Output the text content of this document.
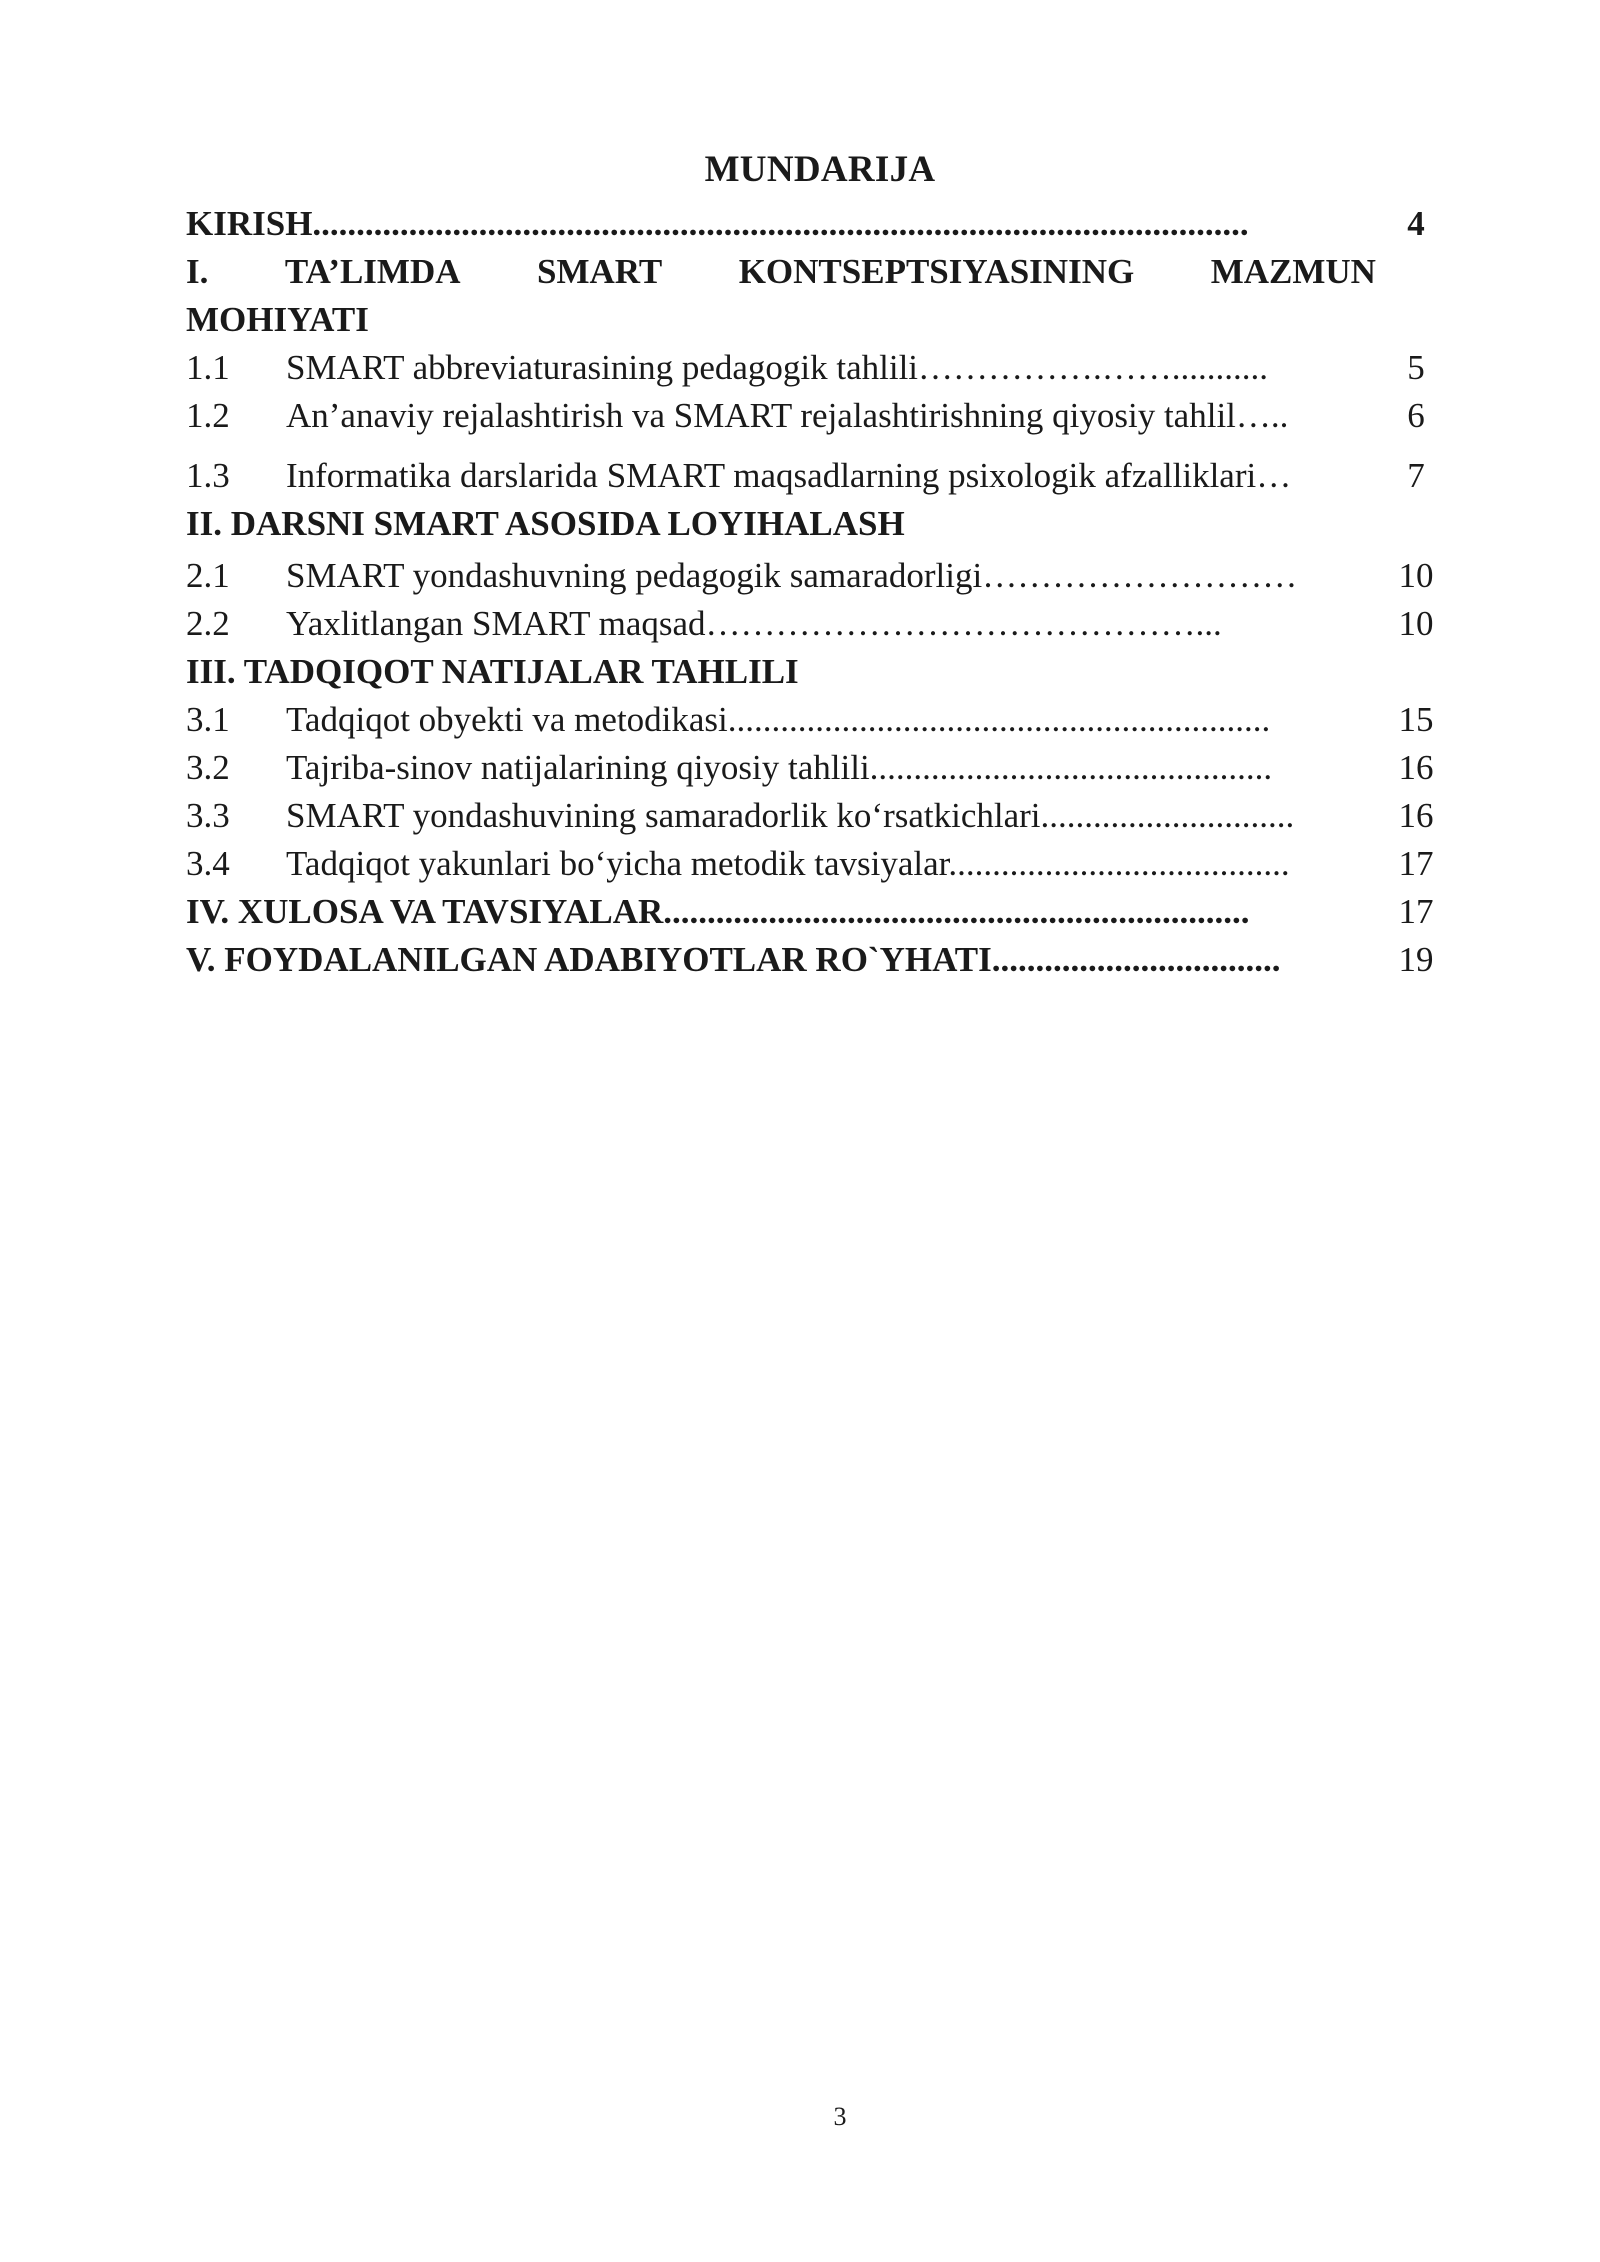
MUNDARIJA
KIRISH...........................................................................................................	4
I. TA’LIMDA SMART KONTSEPTSIYASINING MAZMUN
MOHIYATI
1.1 SMART abbreviaturasining pedagogik tahlili…………….……...........	5
1.2 An’anaviy rejalashtirish va SMART rejalashtirishning qiyosiy tahlil…..	6
1.3 Informatika darslarida SMART maqsadlarning psixologik afzalliklari…	7
II. DARSNI SMART ASOSIDA LOYIHALASH
2.1 SMART yondashuvning pedagogik samaradorligi………………………	10
2.2 Yaxlitlangan SMART maqsad……………………………………...	10
III. TADQIQOT NATIJALAR TAHLILI
3.1 Tadqiqot obyekti va metodikasi..............................................................	15
3.2 Tajriba-sinov natijalarining qiyosiy tahlili..............................................	16
3.3 SMART yondashuvining samaradorlik koʻrsatkichlari.............................	16
3.4 Tadqiqot yakunlari boʻyicha metodik tavsiyalar.......................................	17
IV. XULOSA VA TAVSIYALAR...................................................................	17
V. FOYDALANILGAN ADABIYOTLAR RO`YHATI.................................	19
3
